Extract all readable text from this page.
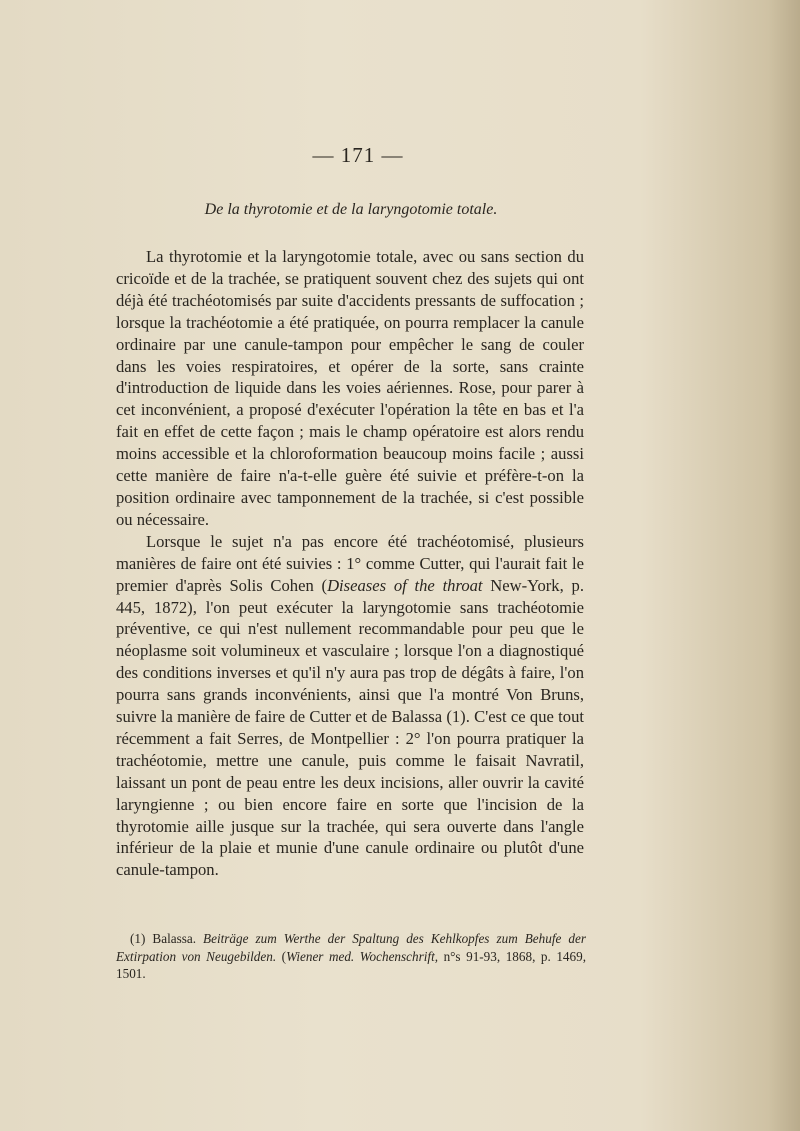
— 171 —
De la thyrotomie et de la laryngotomie totale.

La thyrotomie et la laryngotomie totale, avec ou sans section du cricoïde et de la trachée, se pratiquent souvent chez des sujets qui ont déjà été trachéotomisés par suite d'accidents pressants de suffocation ; lorsque la trachéotomie a été pratiquée, on pourra remplacer la canule ordinaire par une canule-tampon pour empêcher le sang de couler dans les voies respiratoires, et opérer de la sorte, sans crainte d'introduction de liquide dans les voies aériennes. Rose, pour parer à cet inconvénient, a proposé d'exécuter l'opération la tête en bas et l'a fait en effet de cette façon ; mais le champ opératoire est alors rendu moins accessible et la chloroformation beaucoup moins facile ; aussi cette manière de faire n'a-t-elle guère été suivie et préfère-t-on la position ordinaire avec tamponnement de la trachée, si c'est possible ou nécessaire.

Lorsque le sujet n'a pas encore été trachéotomisé, plusieurs manières de faire ont été suivies : 1° comme Cutter, qui l'aurait fait le premier d'après Solis Cohen (Diseases of the throat New-York, p. 445, 1872), l'on peut exécuter la laryngotomie sans trachéotomie préventive, ce qui n'est nullement recommandable pour peu que le néoplasme soit volumineux et vasculaire ; lorsque l'on a diagnostiqué des conditions inverses et qu'il n'y aura pas trop de dégâts à faire, l'on pourra sans grands inconvénients, ainsi que l'a montré Von Bruns, suivre la manière de faire de Cutter et de Balassa (1). C'est ce que tout récemment a fait Serres, de Montpellier : 2° l'on pourra pratiquer la trachéotomie, mettre une canule, puis comme le faisait Navratil, laissant un pont de peau entre les deux incisions, aller ouvrir la cavité laryngienne ; ou bien encore faire en sorte que l'incision de la thyrotomie aille jusque sur la trachée, qui sera ouverte dans l'angle inférieur de la plaie et munie d'une canule ordinaire ou plutôt d'une canule-tampon.

(1) Balassa. Beiträge zum Werthe der Spaltung des Kehlkopfes zum Behufe der Extirpation von Neugebilden. (Wiener med. Wochenschrift, n°s 91-93, 1868, p. 1469, 1501.
